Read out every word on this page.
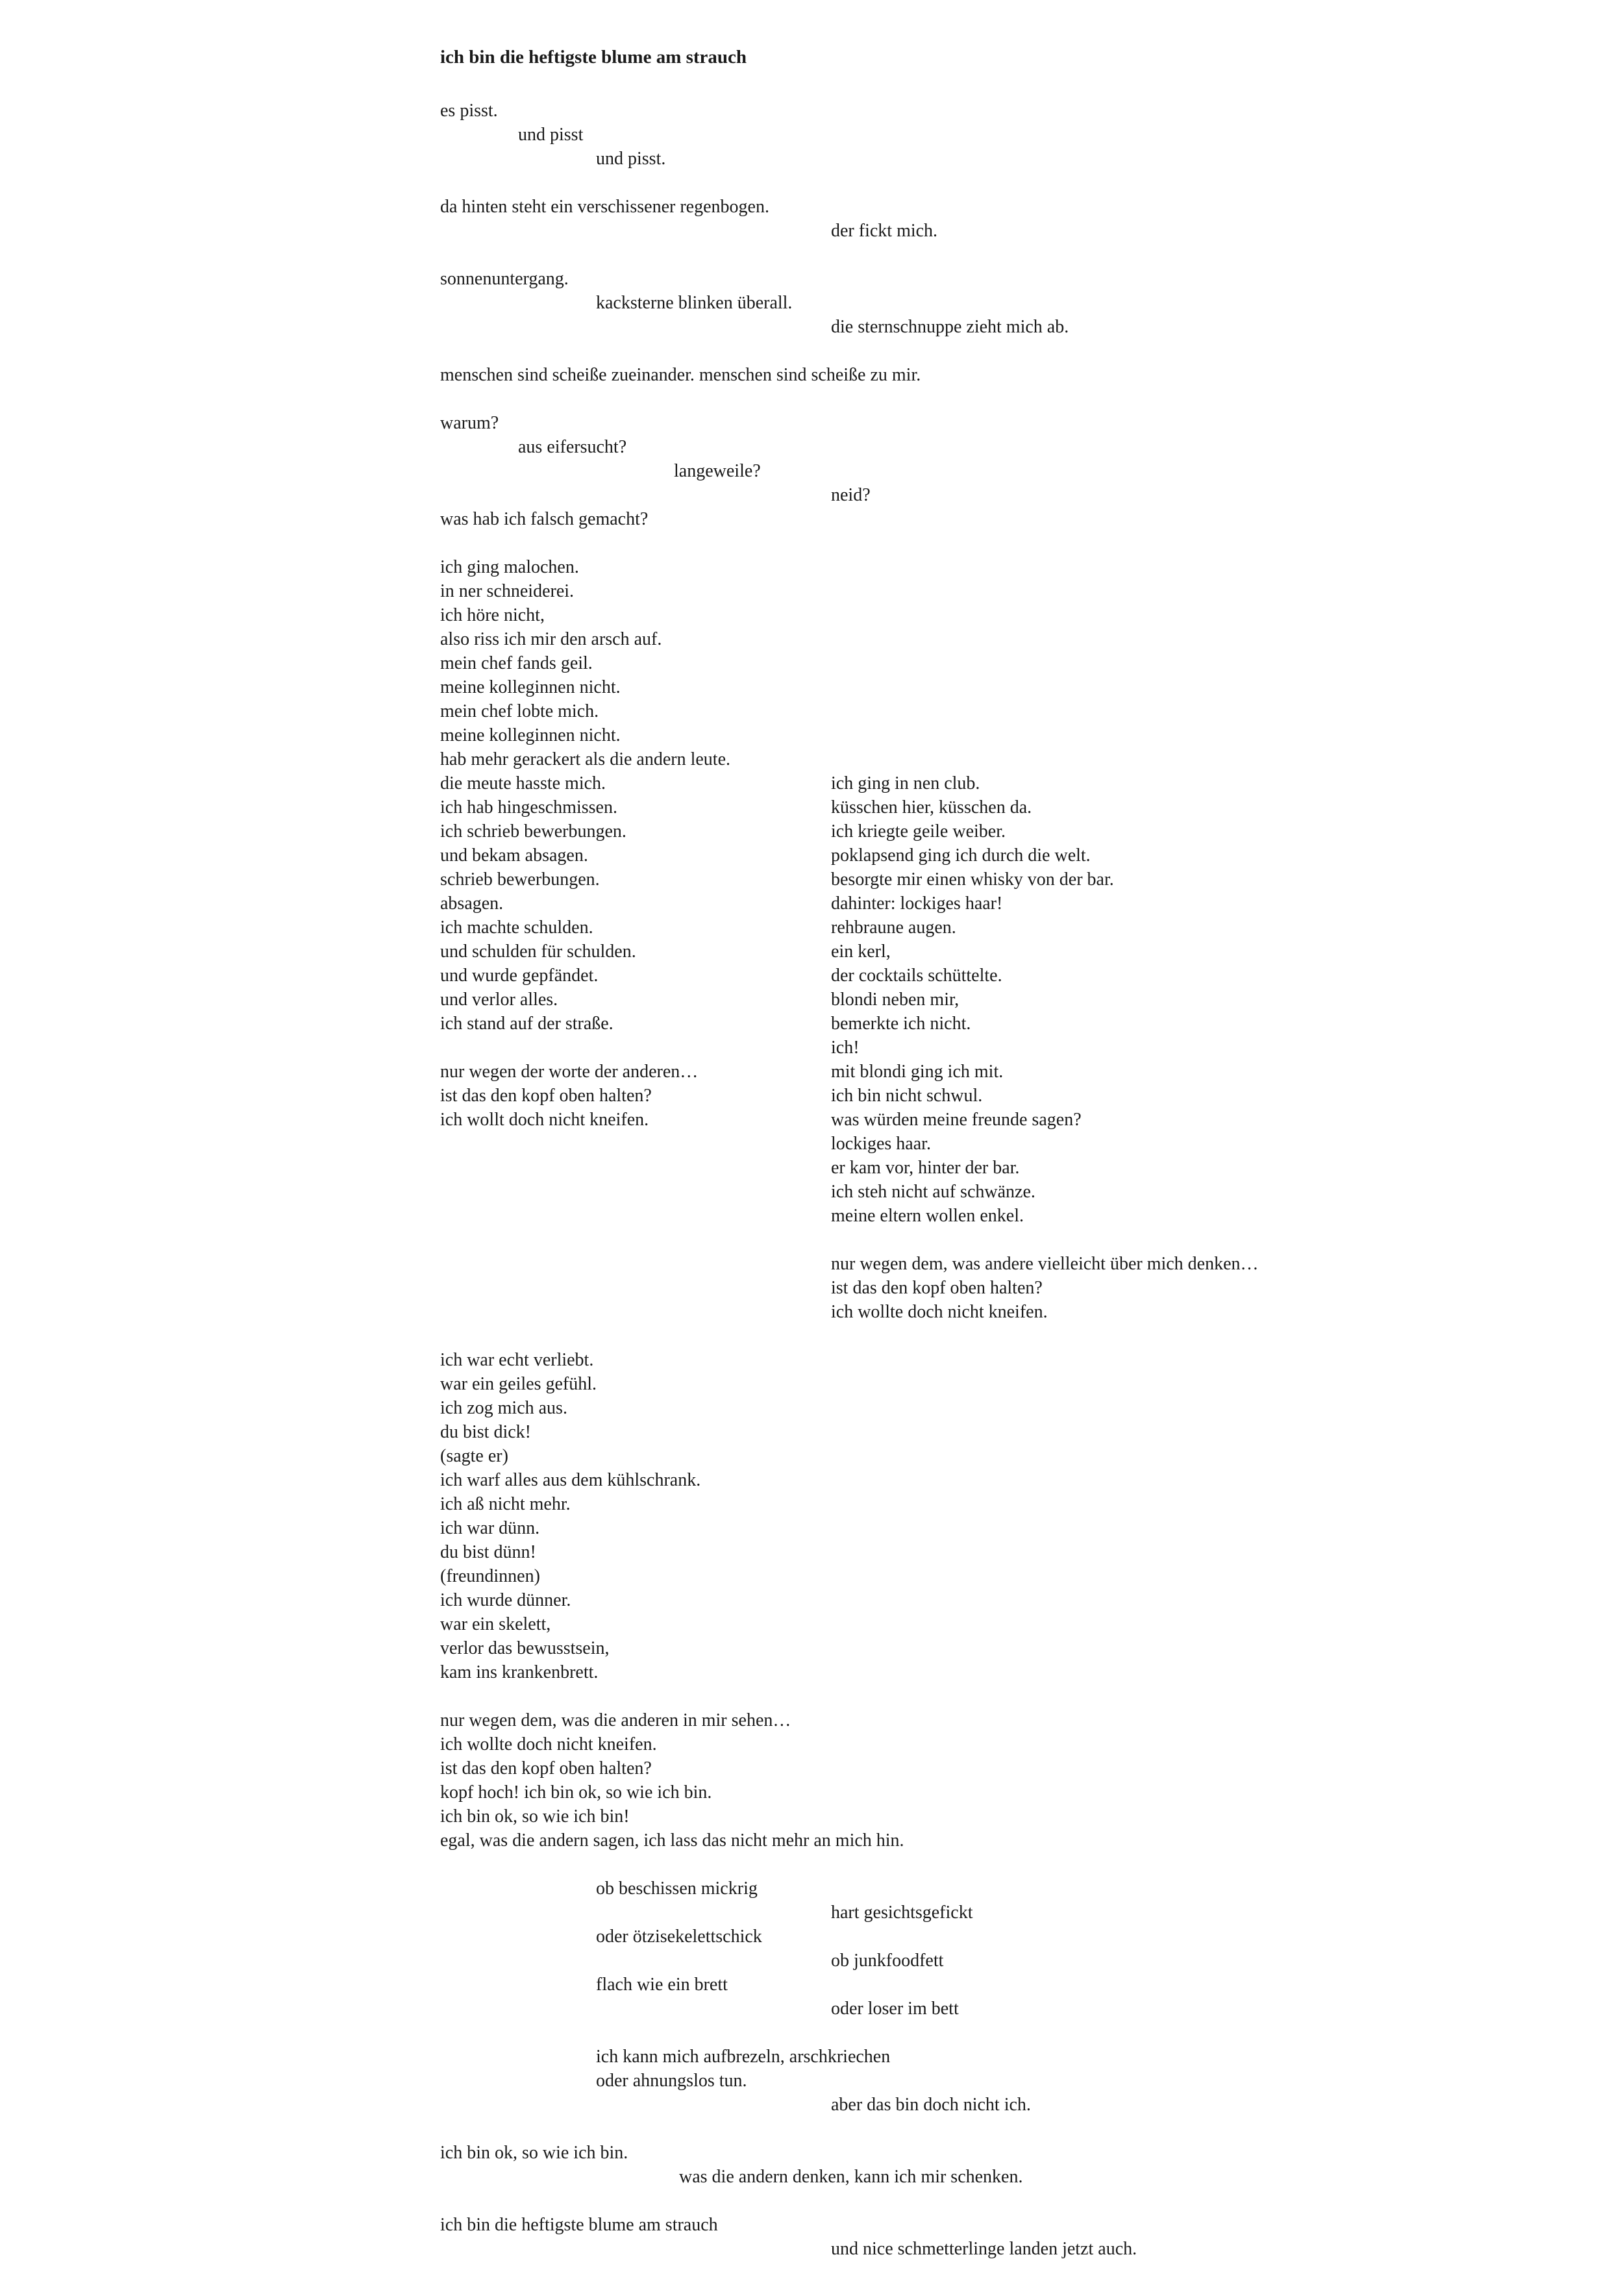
ich bin die heftigste blume am strauch
es pisst.
und pisst
und pisst.
da hinten steht ein verschissener regenbogen.
der fickt mich.
sonnenuntergang.
kacksterne blinken überall.
die sternschnuppe zieht mich ab.
menschen sind scheiße zueinander. menschen sind scheiße zu mir.
warum?
aus eifersucht?
langeweile?
neid?
was hab ich falsch gemacht?
ich ging malochen.
in ner schneiderei.
ich höre nicht,
also riss ich mir den arsch auf.
mein chef fands geil.
meine kolleginnen nicht.
mein chef lobte mich.
meine kolleginnen nicht.
hab mehr gerackert als die andern leute.
die meute hasste mich.
ich hab hingeschmissen.
ich schrieb bewerbungen.
und bekam absagen.
schrieb bewerbungen.
absagen.
ich machte schulden.
und schulden für schulden.
und wurde gepfändet.
und verlor alles.
ich stand auf der straße.
nur wegen der worte der anderen…
ist das den kopf oben halten?
ich wollt doch nicht kneifen.
ich ging in nen club.
küsschen hier, küsschen da.
ich kriegte geile weiber.
poklapsend ging ich durch die welt.
besorgte mir einen whisky von der bar.
dahinter: lockiges haar!
rehbraune augen.
ein kerl,
der cocktails schüttelte.
blondi neben mir,
bemerkte ich nicht.
ich!
mit blondi ging ich mit.
ich bin nicht schwul.
was würden meine freunde sagen?
lockiges haar.
er kam vor, hinter der bar.
ich steh nicht auf schwänze.
meine eltern wollen enkel.
nur wegen dem, was andere vielleicht über mich denken…
ist das den kopf oben halten?
ich wollte doch nicht kneifen.
ich war echt verliebt.
war ein geiles gefühl.
ich zog mich aus.
du bist dick!
(sagte er)
ich warf alles aus dem kühlschrank.
ich aß nicht mehr.
ich war dünn.
du bist dünn!
(freundinnen)
ich wurde dünner.
war ein skelett,
verlor das bewusstsein,
kam ins krankenbrett.
nur wegen dem, was die anderen in mir sehen…
ich wollte doch nicht kneifen.
ist das den kopf oben halten?
kopf hoch! ich bin ok, so wie ich bin.
ich bin ok, so wie ich bin!
egal, was die andern sagen, ich lass das nicht mehr an mich hin.
ob beschissen mickrig
hart gesichtsgefickt
oder ötzisekelettschick
ob junkfoodfett
flach wie ein brett
oder loser im bett
ich kann mich aufbrezeln, arschkriechen
oder ahnungslos tun.
aber das bin doch nicht ich.
ich bin ok, so wie ich bin.
was die andern denken, kann ich mir schenken.
ich bin die heftigste blume am strauch
und nice schmetterlinge landen jetzt auch.
